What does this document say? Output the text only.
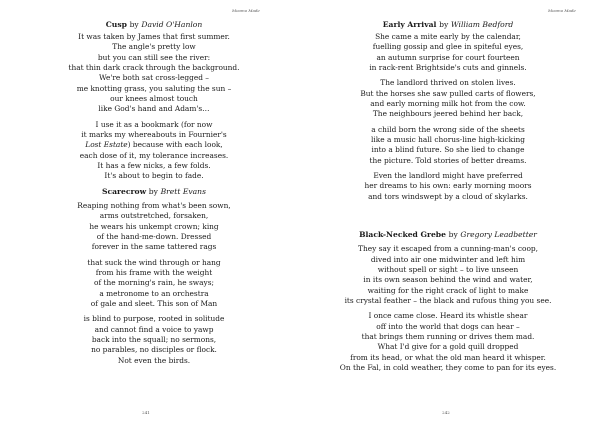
Moomo Made
Cusp by David O'Hanlon
It was taken by James that first summer.
The angle's pretty low
but you can still see the river:
that thin dark crack through the background.
We're both sat cross-legged –
me knotting grass, you saluting the sun –
our knees almost touch
like God's hand and Adam's…
I use it as a bookmark (for now
it marks my whereabouts in Fournier's
Lost Estate) because with each look,
each dose of it, my tolerance increases.
It has a few nicks, a few folds.
It's about to begin to fade.
Scarecrow by Brett Evans
Reaping nothing from what's been sown,
arms outstretched, forsaken,
he wears his unkempt crown; king
of the hand-me-down. Dressed
forever in the same tattered rags
that suck the wind through or hang
from his frame with the weight
of the morning's rain, he sways;
a metronome to an orchestra
of gale and sleet. This son of Man
is blind to purpose, rooted in solitude
and cannot find a voice to yawp
back into the squall; no sermons,
no parables, no disciples or flock.
Not even the birds.
241
Moomo Made
Early Arrival by William Bedford
She came a mite early by the calendar,
fuelling gossip and glee in spiteful eyes,
an autumn surprise for court fourteen
in rack-rent Brightside's cuts and ginnels.
The landlord thrived on stolen lives.
But the horses she saw pulled carts of flowers,
and early morning milk hot from the cow.
The neighbours jeered behind her back,
a child born the wrong side of the sheets
like a music hall chorus-line high-kicking
into a blind future. So she lied to change
the picture. Told stories of better dreams.
Even the landlord might have preferred
her dreams to his own: early morning moors
and tors windswept by a cloud of skylarks.
Black-Necked Grebe by Gregory Leadbetter
They say it escaped from a cunning-man's coop,
dived into air one midwinter and left him
without spell or sight – to live unseen
in its own season behind the wind and water,
waiting for the right crack of light to make
its crystal feather – the black and rufous thing you see.
I once came close. Heard its whistle shear
off into the world that dogs can hear –
that brings them running or drives them mad.
What I'd give for a gold quill dropped
from its head, or what the old man heard it whisper.
On the Fal, in cold weather, they come to pan for its eyes.
242
